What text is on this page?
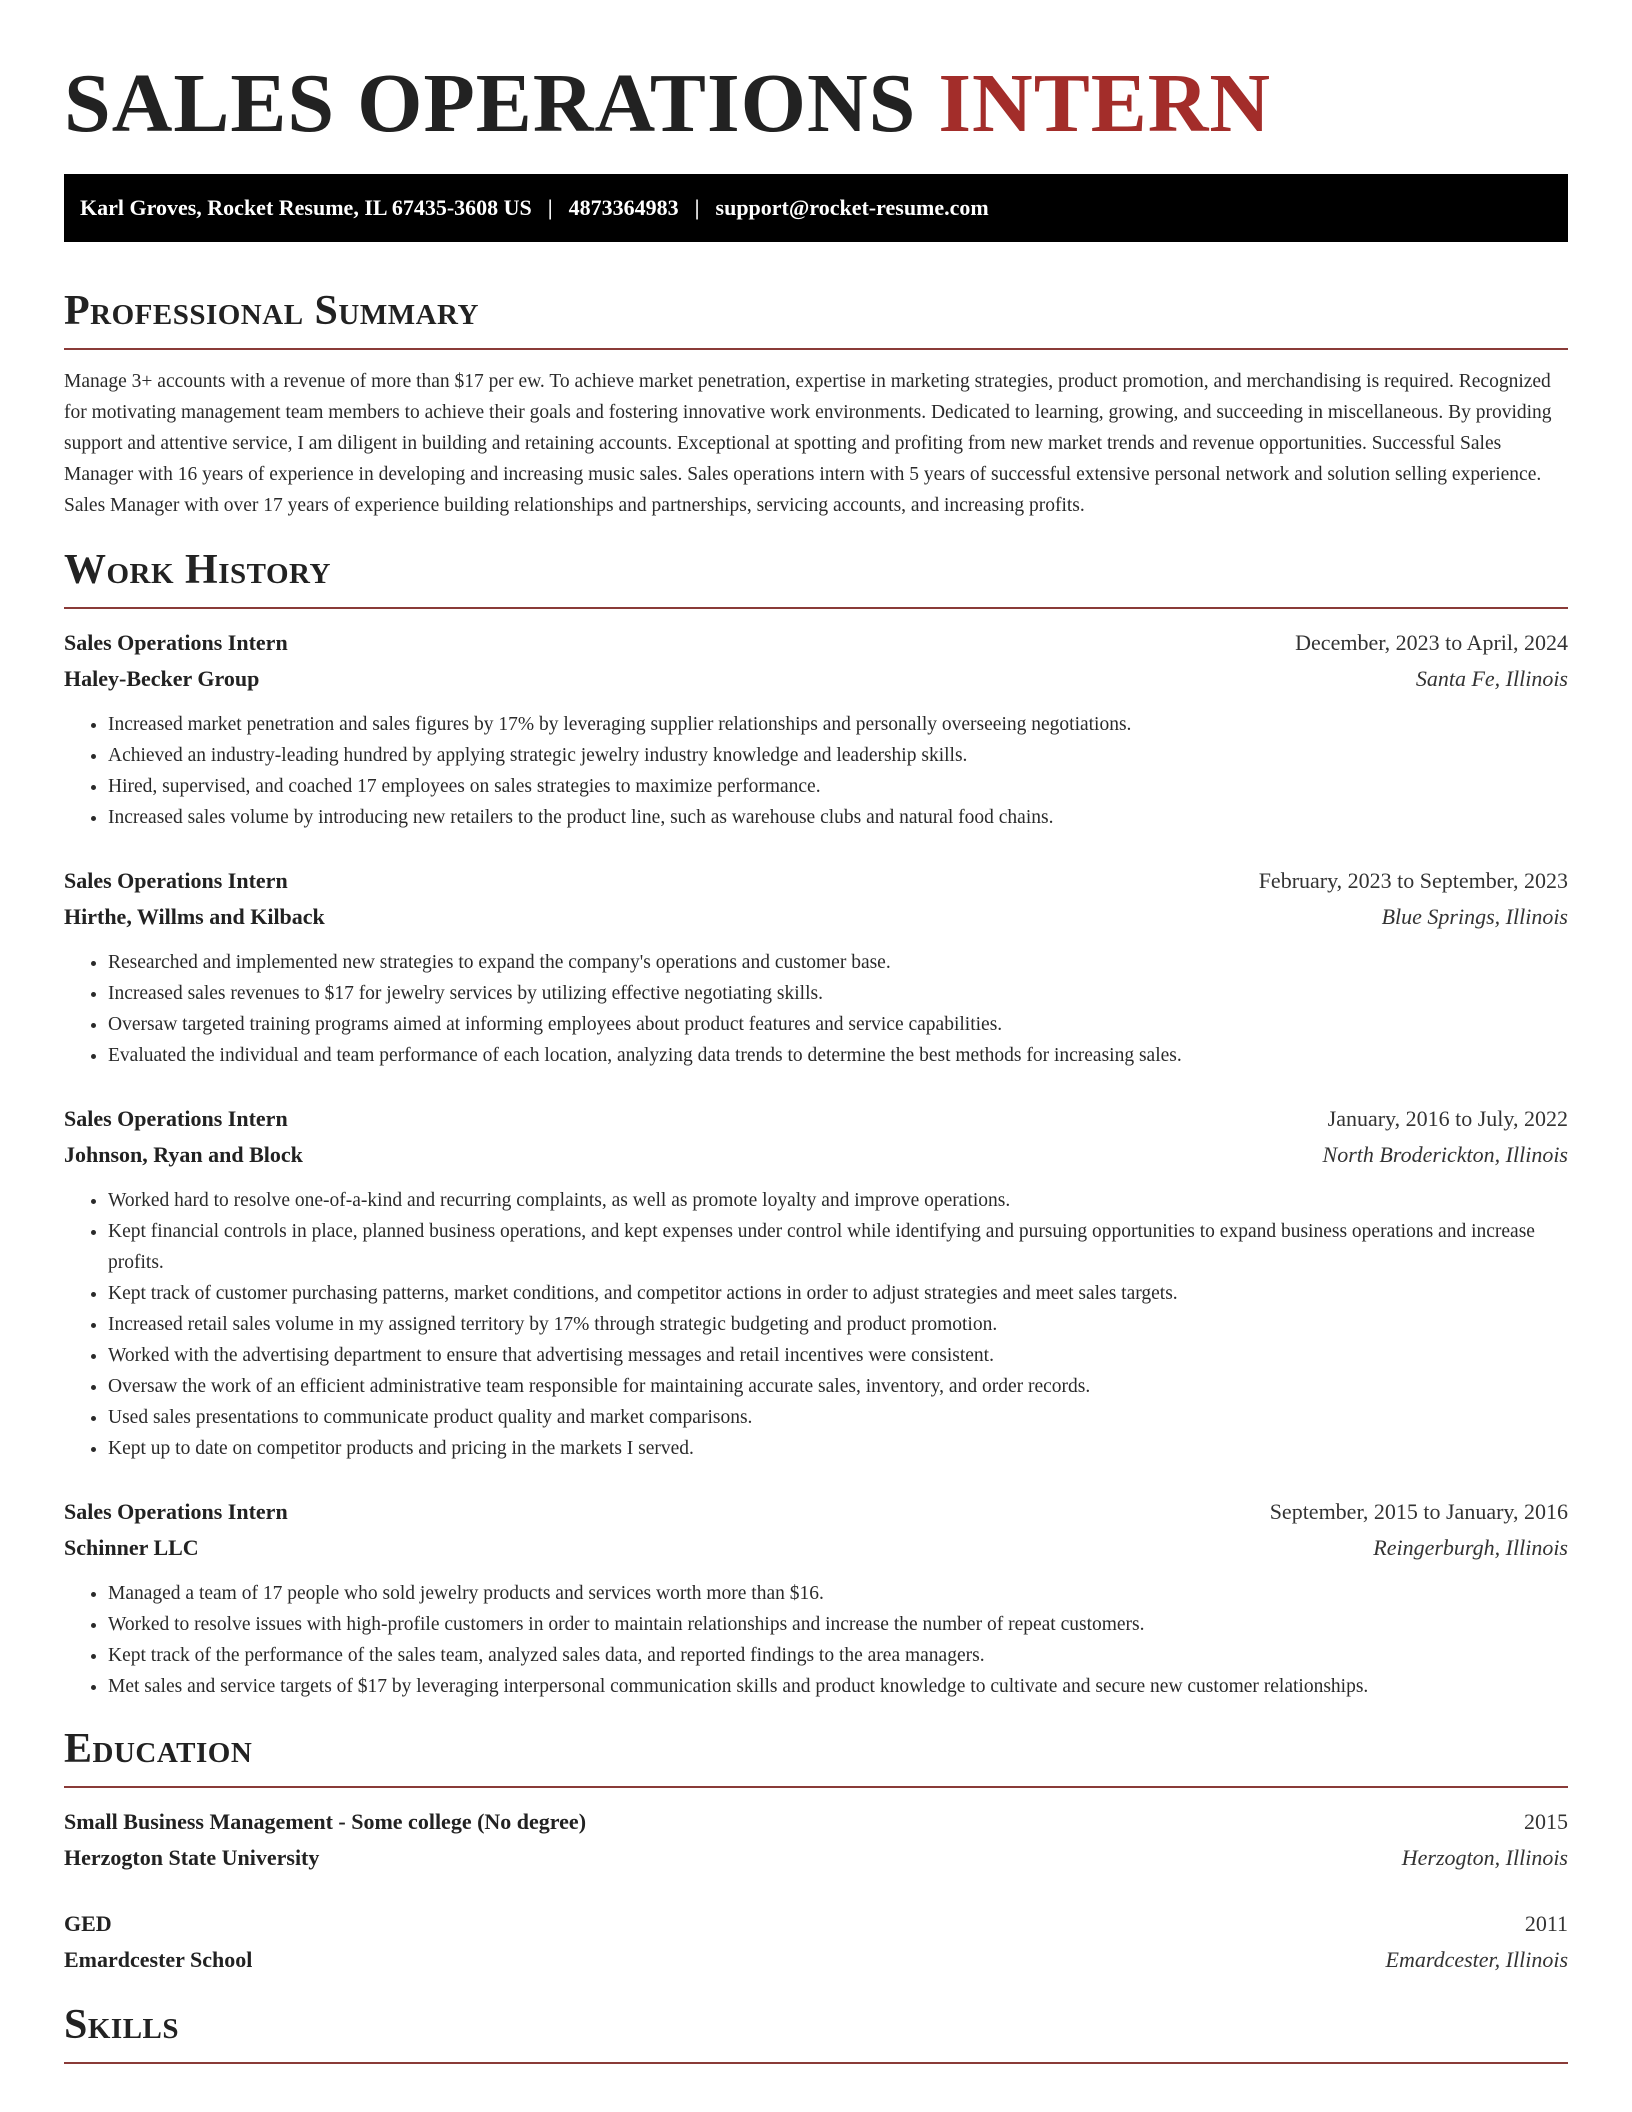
SALES OPERATIONS INTERN
Karl Groves, Rocket Resume, IL 67435-3608 US | 4873364983 | support@rocket-resume.com
Professional Summary

Manage 3+ accounts with a revenue of more than $17 per ew. To achieve market penetration, expertise in marketing strategies, product promotion, and merchandising is required. Recognized for motivating management team members to achieve their goals and fostering innovative work environments. Dedicated to learning, growing, and succeeding in miscellaneous. By providing support and attentive service, I am diligent in building and retaining accounts. Exceptional at spotting and profiting from new market trends and revenue opportunities. Successful Sales Manager with 16 years of experience in developing and increasing music sales. Sales operations intern with 5 years of successful extensive personal network and solution selling experience. Sales Manager with over 17 years of experience building relationships and partnerships, servicing accounts, and increasing profits.

Work History
Sales Operations Intern	December, 2023 to April, 2024
Haley-Becker Group	Santa Fe, Illinois
• Increased market penetration and sales figures by 17% by leveraging supplier relationships and personally overseeing negotiations.
• Achieved an industry-leading hundred by applying strategic jewelry industry knowledge and leadership skills.
• Hired, supervised, and coached 17 employees on sales strategies to maximize performance.
• Increased sales volume by introducing new retailers to the product line, such as warehouse clubs and natural food chains.
Sales Operations Intern	February, 2023 to September, 2023
Hirthe, Willms and Kilback	Blue Springs, Illinois
• Researched and implemented new strategies to expand the company's operations and customer base.
• Increased sales revenues to $17 for jewelry services by utilizing effective negotiating skills.
• Oversaw targeted training programs aimed at informing employees about product features and service capabilities.
• Evaluated the individual and team performance of each location, analyzing data trends to determine the best methods for increasing sales.
Sales Operations Intern	January, 2016 to July, 2022
Johnson, Ryan and Block	North Broderickton, Illinois
• Worked hard to resolve one-of-a-kind and recurring complaints, as well as promote loyalty and improve operations.
• Kept financial controls in place, planned business operations, and kept expenses under control while identifying and pursuing opportunities to expand business operations and increase profits.
• Kept track of customer purchasing patterns, market conditions, and competitor actions in order to adjust strategies and meet sales targets.
• Increased retail sales volume in my assigned territory by 17% through strategic budgeting and product promotion.
• Worked with the advertising department to ensure that advertising messages and retail incentives were consistent.
• Oversaw the work of an efficient administrative team responsible for maintaining accurate sales, inventory, and order records.
• Used sales presentations to communicate product quality and market comparisons.
• Kept up to date on competitor products and pricing in the markets I served.
Sales Operations Intern	September, 2015 to January, 2016
Schinner LLC	Reingerburgh, Illinois
• Managed a team of 17 people who sold jewelry products and services worth more than $16.
• Worked to resolve issues with high-profile customers in order to maintain relationships and increase the number of repeat customers.
• Kept track of the performance of the sales team, analyzed sales data, and reported findings to the area managers.
• Met sales and service targets of $17 by leveraging interpersonal communication skills and product knowledge to cultivate and secure new customer relationships.
Education
Small Business Management - Some college (No degree)	2015
Herzogton State University	Herzogton, Illinois
GED	2011
Emardcester School	Emardcester, Illinois
Skills
